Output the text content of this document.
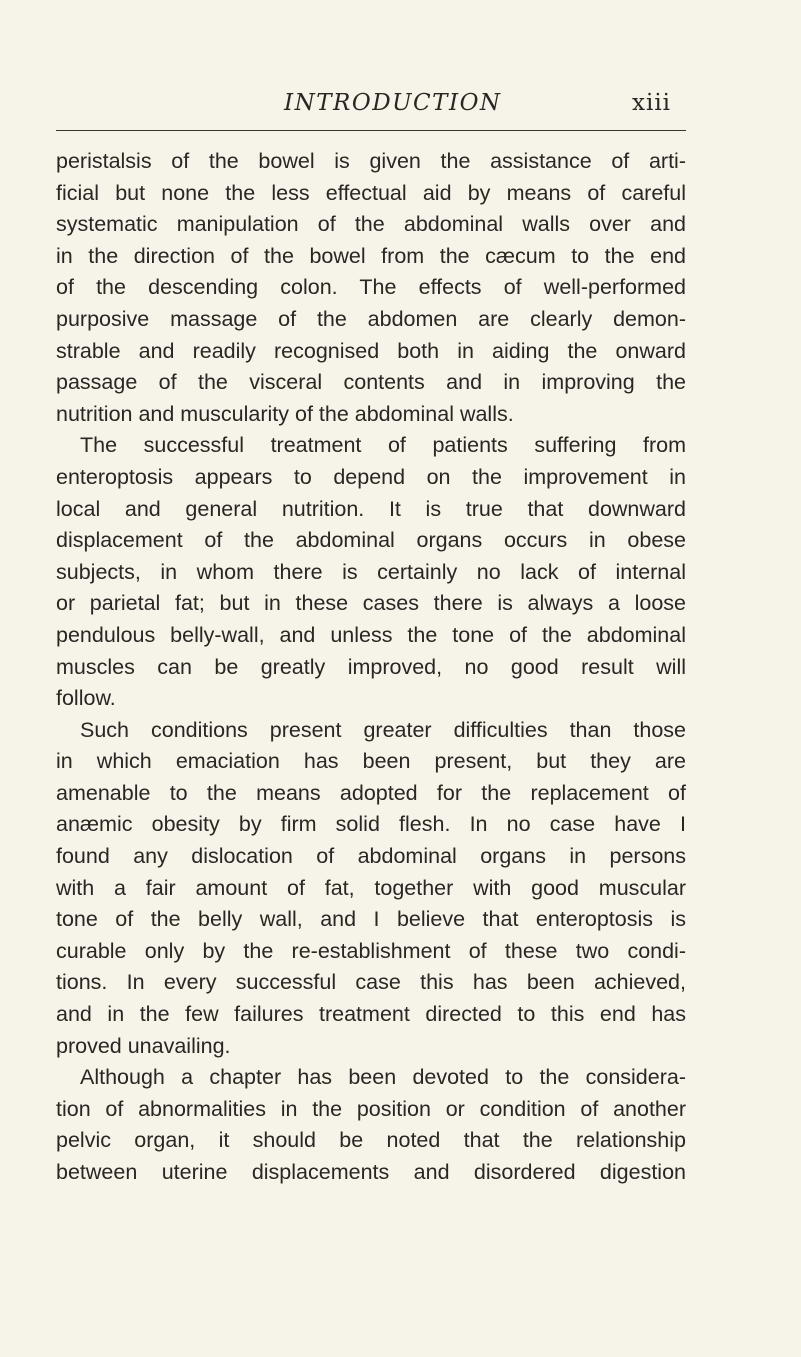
INTRODUCTION	xiii
peristalsis of the bowel is given the assistance of arti-
ficial but none the less effectual aid by means of careful
systematic manipulation of the abdominal walls over and
in the direction of the bowel from the cæcum to the end
of the descending colon. The effects of well-performed
purposive massage of the abdomen are clearly demon-
strable and readily recognised both in aiding the onward
passage of the visceral contents and in improving the
nutrition and muscularity of the abdominal walls.
The successful treatment of patients suffering from
enteroptosis appears to depend on the improvement in
local and general nutrition. It is true that downward
displacement of the abdominal organs occurs in obese
subjects, in whom there is certainly no lack of internal
or parietal fat; but in these cases there is always a loose
pendulous belly-wall, and unless the tone of the abdominal
muscles can be greatly improved, no good result will
follow.
Such conditions present greater difficulties than those
in which emaciation has been present, but they are
amenable to the means adopted for the replacement of
anæmic obesity by firm solid flesh. In no case have I
found any dislocation of abdominal organs in persons
with a fair amount of fat, together with good muscular
tone of the belly wall, and I believe that enteroptosis is
curable only by the re-establishment of these two condi-
tions. In every successful case this has been achieved,
and in the few failures treatment directed to this end has
proved unavailing.
Although a chapter has been devoted to the considera-
tion of abnormalities in the position or condition of another
pelvic organ, it should be noted that the relationship
between uterine displacements and disordered digestion
